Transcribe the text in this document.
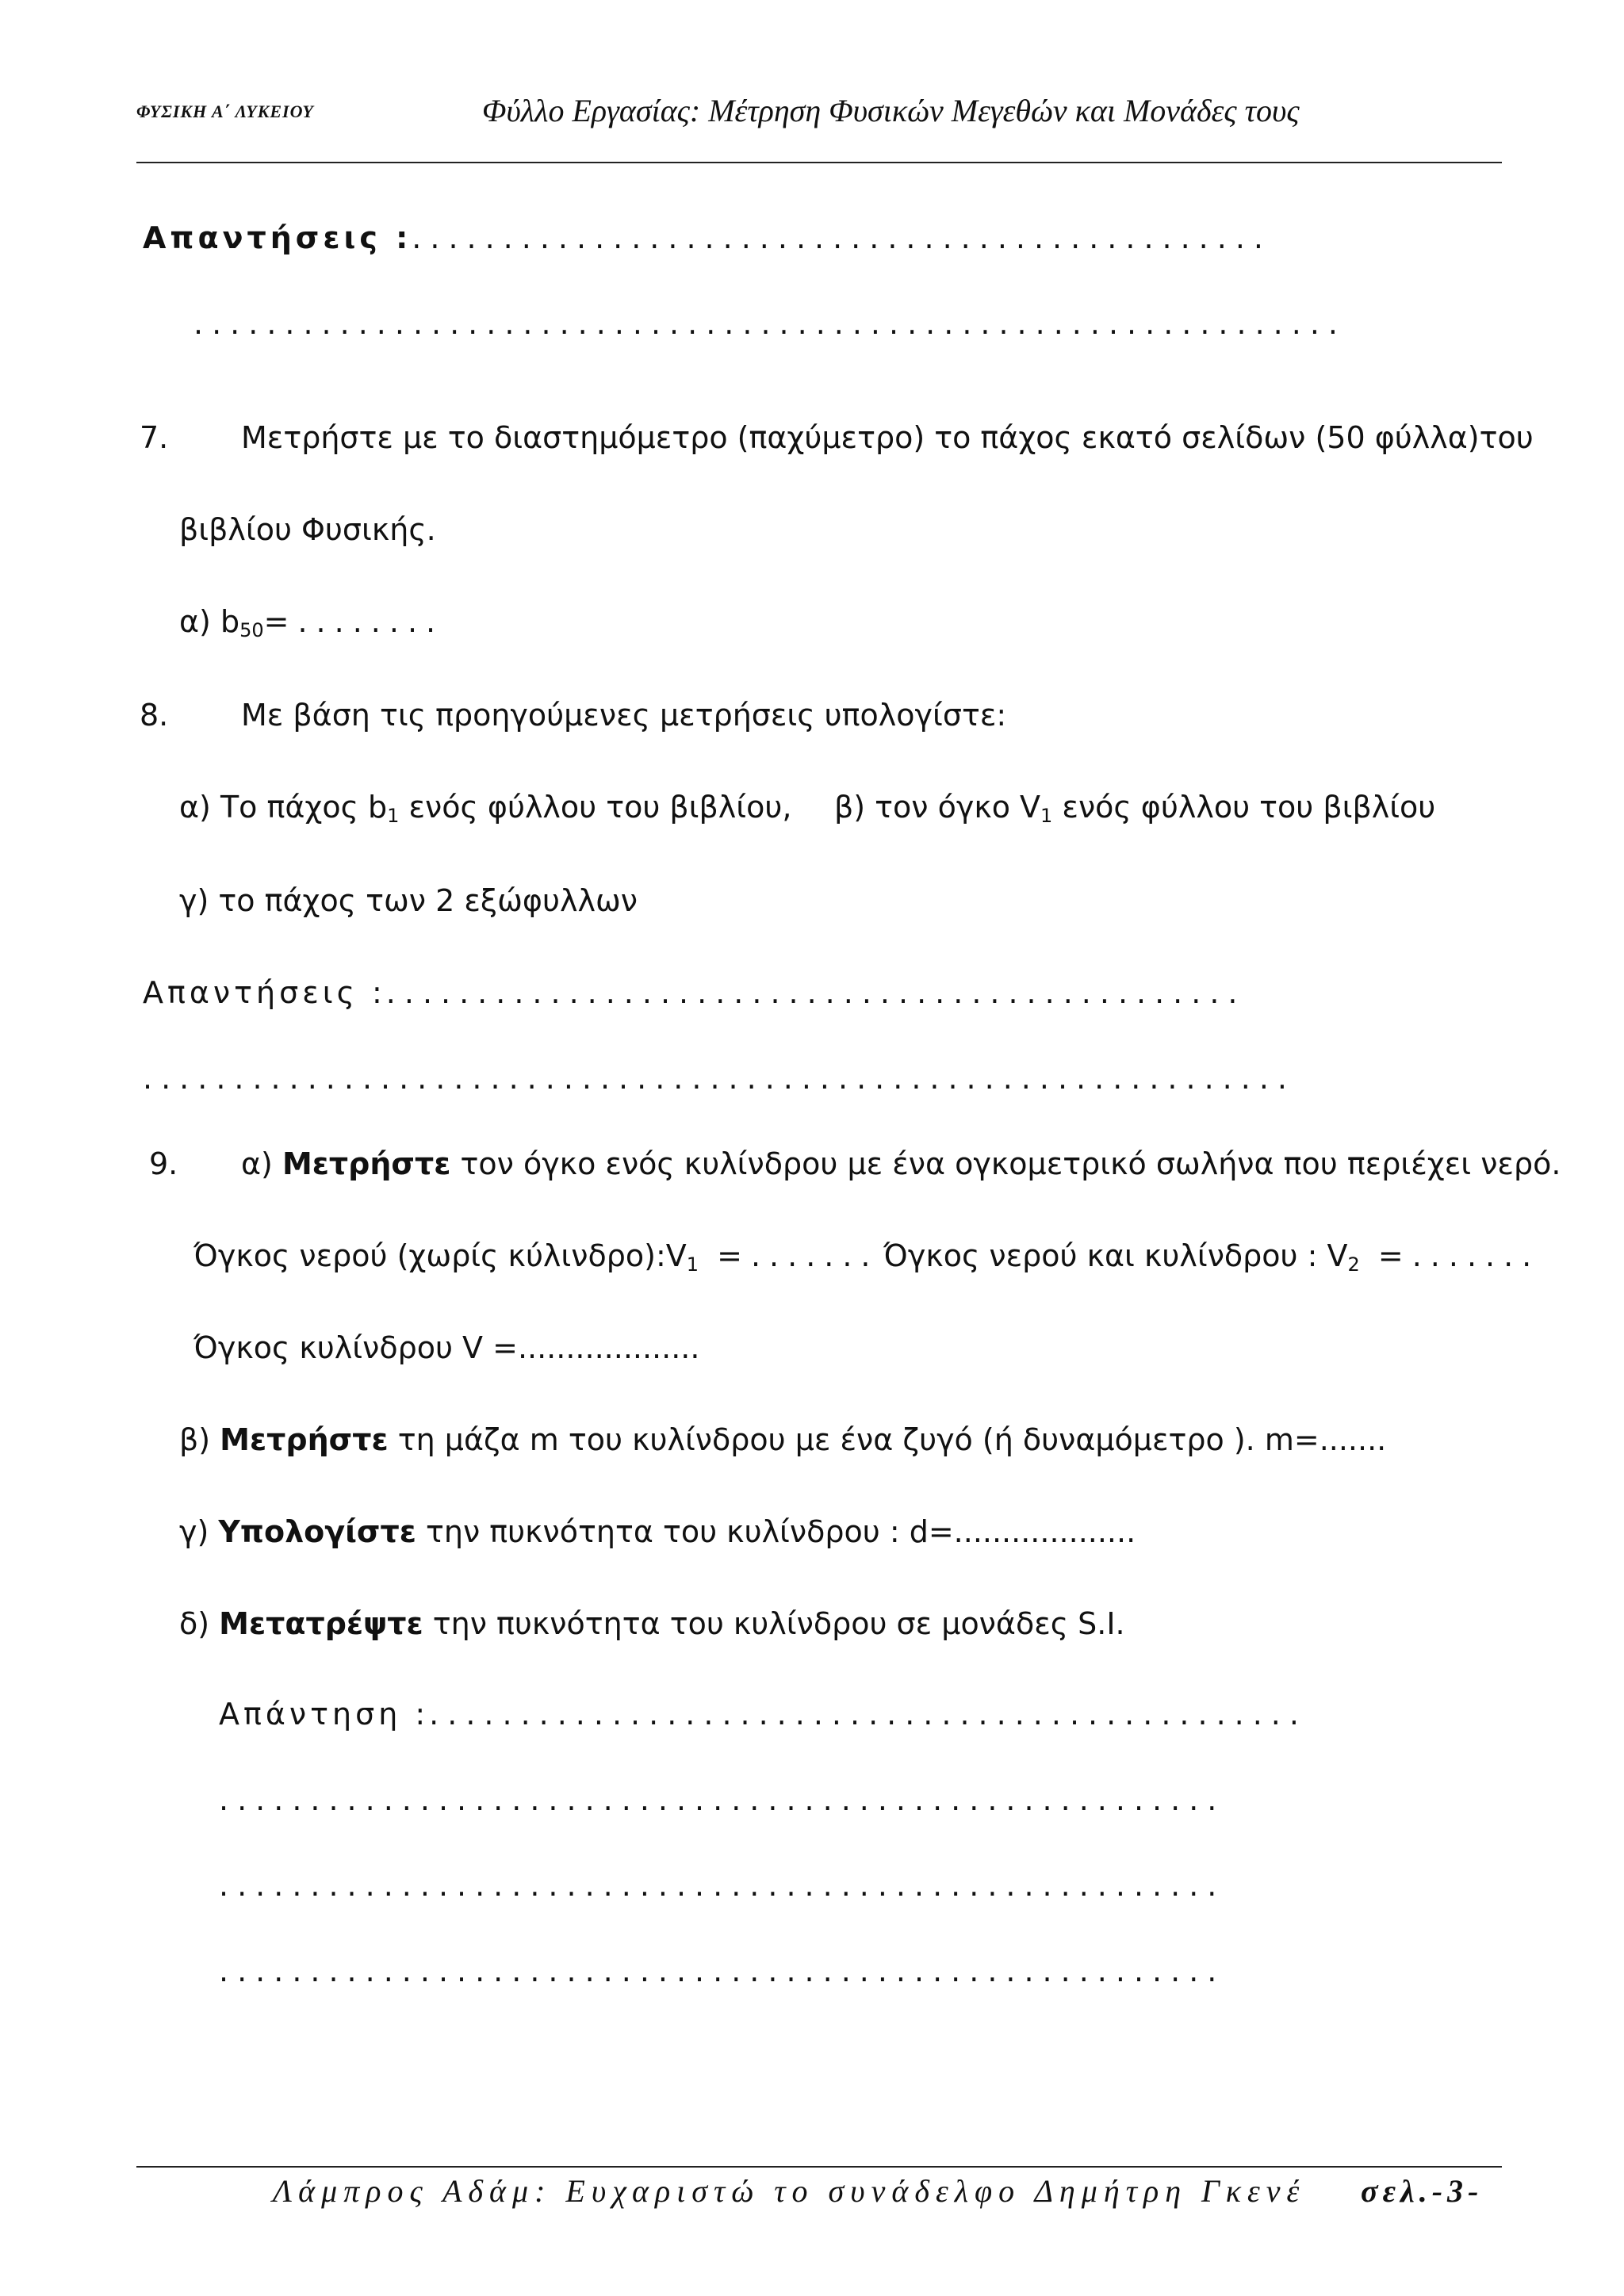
ΦΥΣΙΚΗ Α΄ ΛΥΚΕΙΟΥ	Φύλλο Εργασίας: Μέτρηση Φυσικών Μεγεθών και Μονάδες τους
Απαντήσεις :...............................................
...............................................................
7. Μετρήστε με το διαστημόμετρο (παχύμετρο) το πάχος εκατό σελίδων (50 φύλλα)του
βιβλίου Φυσικής.
α) $b_{50}=$........
8. Με βάση τις προηγούμενες μετρήσεις υπολογίστε:
α) Το πάχος $b_1$ ενός φύλλου του βιβλίου, β) τον όγκο $V_1$ ενός φύλλου του βιβλίου
γ) το πάχος των 2 εξώφυλλων
Απαντήσεις :...............................................
...............................................................
9. α) Μετρήστε τον όγκο ενός κυλίνδρου με ένα ογκομετρικό σωλήνα που περιέχει νερό.
Όγκος νερού (χωρίς $\kappa ύ\lambda\iota\nu\delta\rho o):V_1$ =....... Όγκος νερού και κυλίνδρου : $V_2$ =.......
Όγκος κυλίνδρου V =...................
β) Μετρήστε τη μάζα m του κυλίνδρου με ένα ζυγό (ή δυναμόμετρο ). m=.......
γ) Υπολογίστε την πυκνότητα του κυλίνδρου : d=...................
δ) Μετατρέψτε την πυκνότητα του κυλίνδρου σε μονάδες S.I.
Απάντηση :................................................
.......................................................
.......................................................
.......................................................
Λάμπρος Αδάμ: Ευχαριστώ το συνάδελφο Δημήτρη Γκενέ σελ.-3-
